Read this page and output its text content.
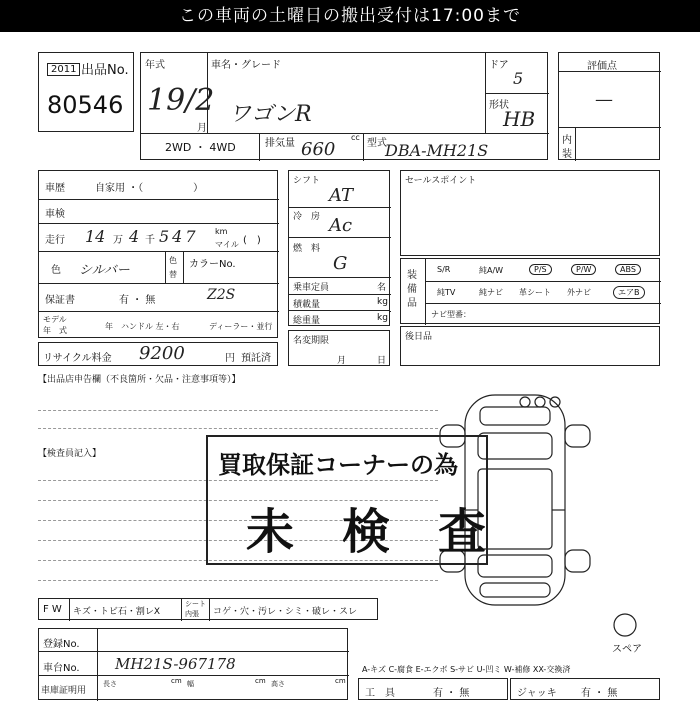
この車両の土曜日の搬出受付は17:00まで
出品No.
2011
80546
年式
19/2
月
車名・グレード
ワゴンR
ドア
5
形状
HB
2WD ・ 4WD	排気量
cc
660	型式
DBA-MH21S
評価点
—
内
装
車歴	自家用 ・（　　　　　）
車検
走行 14 万 4 千 547 km
マイル (　)
色 シルバー
色
替
カラーNo.
保証書	有 ・ 無	Z2S
年　式
モデル
年 ハンドル 左・右	ディーラー・並行
シフト
AT
冷　房 Ac
燃　料
G
乗車定員	名
積載量	kg
総重量	kg
名変期限
月	日
セールスポイント
装備品
S/R	純A/W	P/S	P/W	ABS
純TV	純ナビ 革シート 外ナビ	エアB
ナビ型番：
後日品
リサイクル料金 9200	円 預託済
【出品店申告欄（不良箇所・欠品・注意事項等）】
【検査員記入】
スペア
買取保証コーナーの為
未　検　査
F W キズ・トビ石・割レX
シート
内張 コゲ・穴・汚レ・シミ・破レ・スレ
登録No.
車台No. MH21S-967178
車庫証明用
長さ	cm 幅	cm 高さ	cm
A-キズ C-腐食 E-エクボ S-サビ U-凹ミ W-補修 XX-交換済
工　具	有 ・ 無	ジャッキ 有 ・ 無
